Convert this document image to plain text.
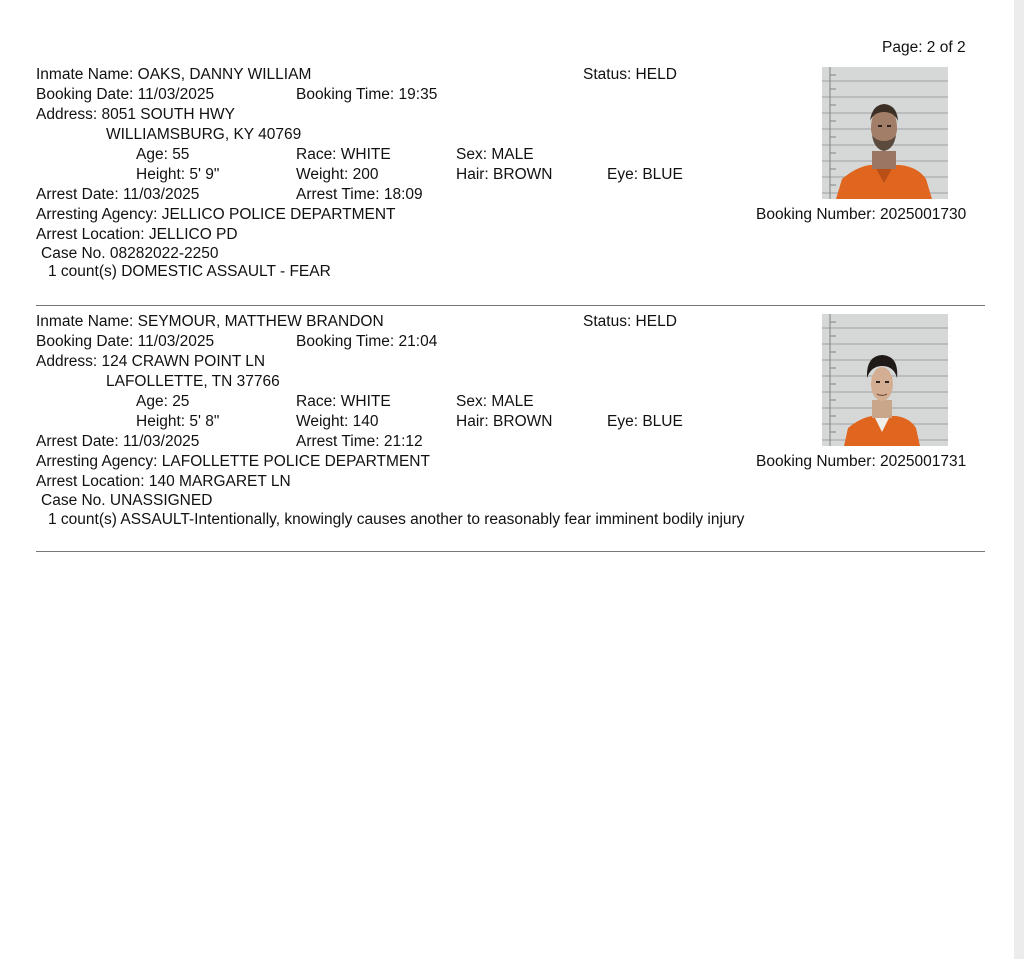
Page: 2 of 2
Inmate Name: OAKS, DANNY WILLIAM	Status: HELD
Booking Date: 11/03/2025	Booking Time: 19:35
Address: 8051 SOUTH HWY
WILLIAMSBURG, KY 40769
Age: 55	Race: WHITE	Sex: MALE
Height: 5' 9"	Weight: 200	Hair: BROWN	Eye: BLUE
Arrest Date: 11/03/2025	Arrest Time: 18:09
Arresting Agency: JELLICO POLICE DEPARTMENT	Booking Number: 2025001730
Arrest Location: JELLICO PD
Case No. 08282022-2250
1 count(s) DOMESTIC ASSAULT - FEAR
Inmate Name: SEYMOUR, MATTHEW BRANDON	Status: HELD
Booking Date: 11/03/2025	Booking Time: 21:04
Address: 124 CRAWN POINT LN
LAFOLLETTE, TN 37766
Age: 25	Race: WHITE	Sex: MALE
Height: 5' 8"	Weight: 140	Hair: BROWN	Eye: BLUE
Arrest Date: 11/03/2025	Arrest Time: 21:12
Arresting Agency: LAFOLLETTE POLICE DEPARTMENT	Booking Number: 2025001731
Arrest Location: 140 MARGARET LN
Case No. UNASSIGNED
1 count(s) ASSAULT-Intentionally, knowingly causes another to reasonably fear imminent bodily injury
